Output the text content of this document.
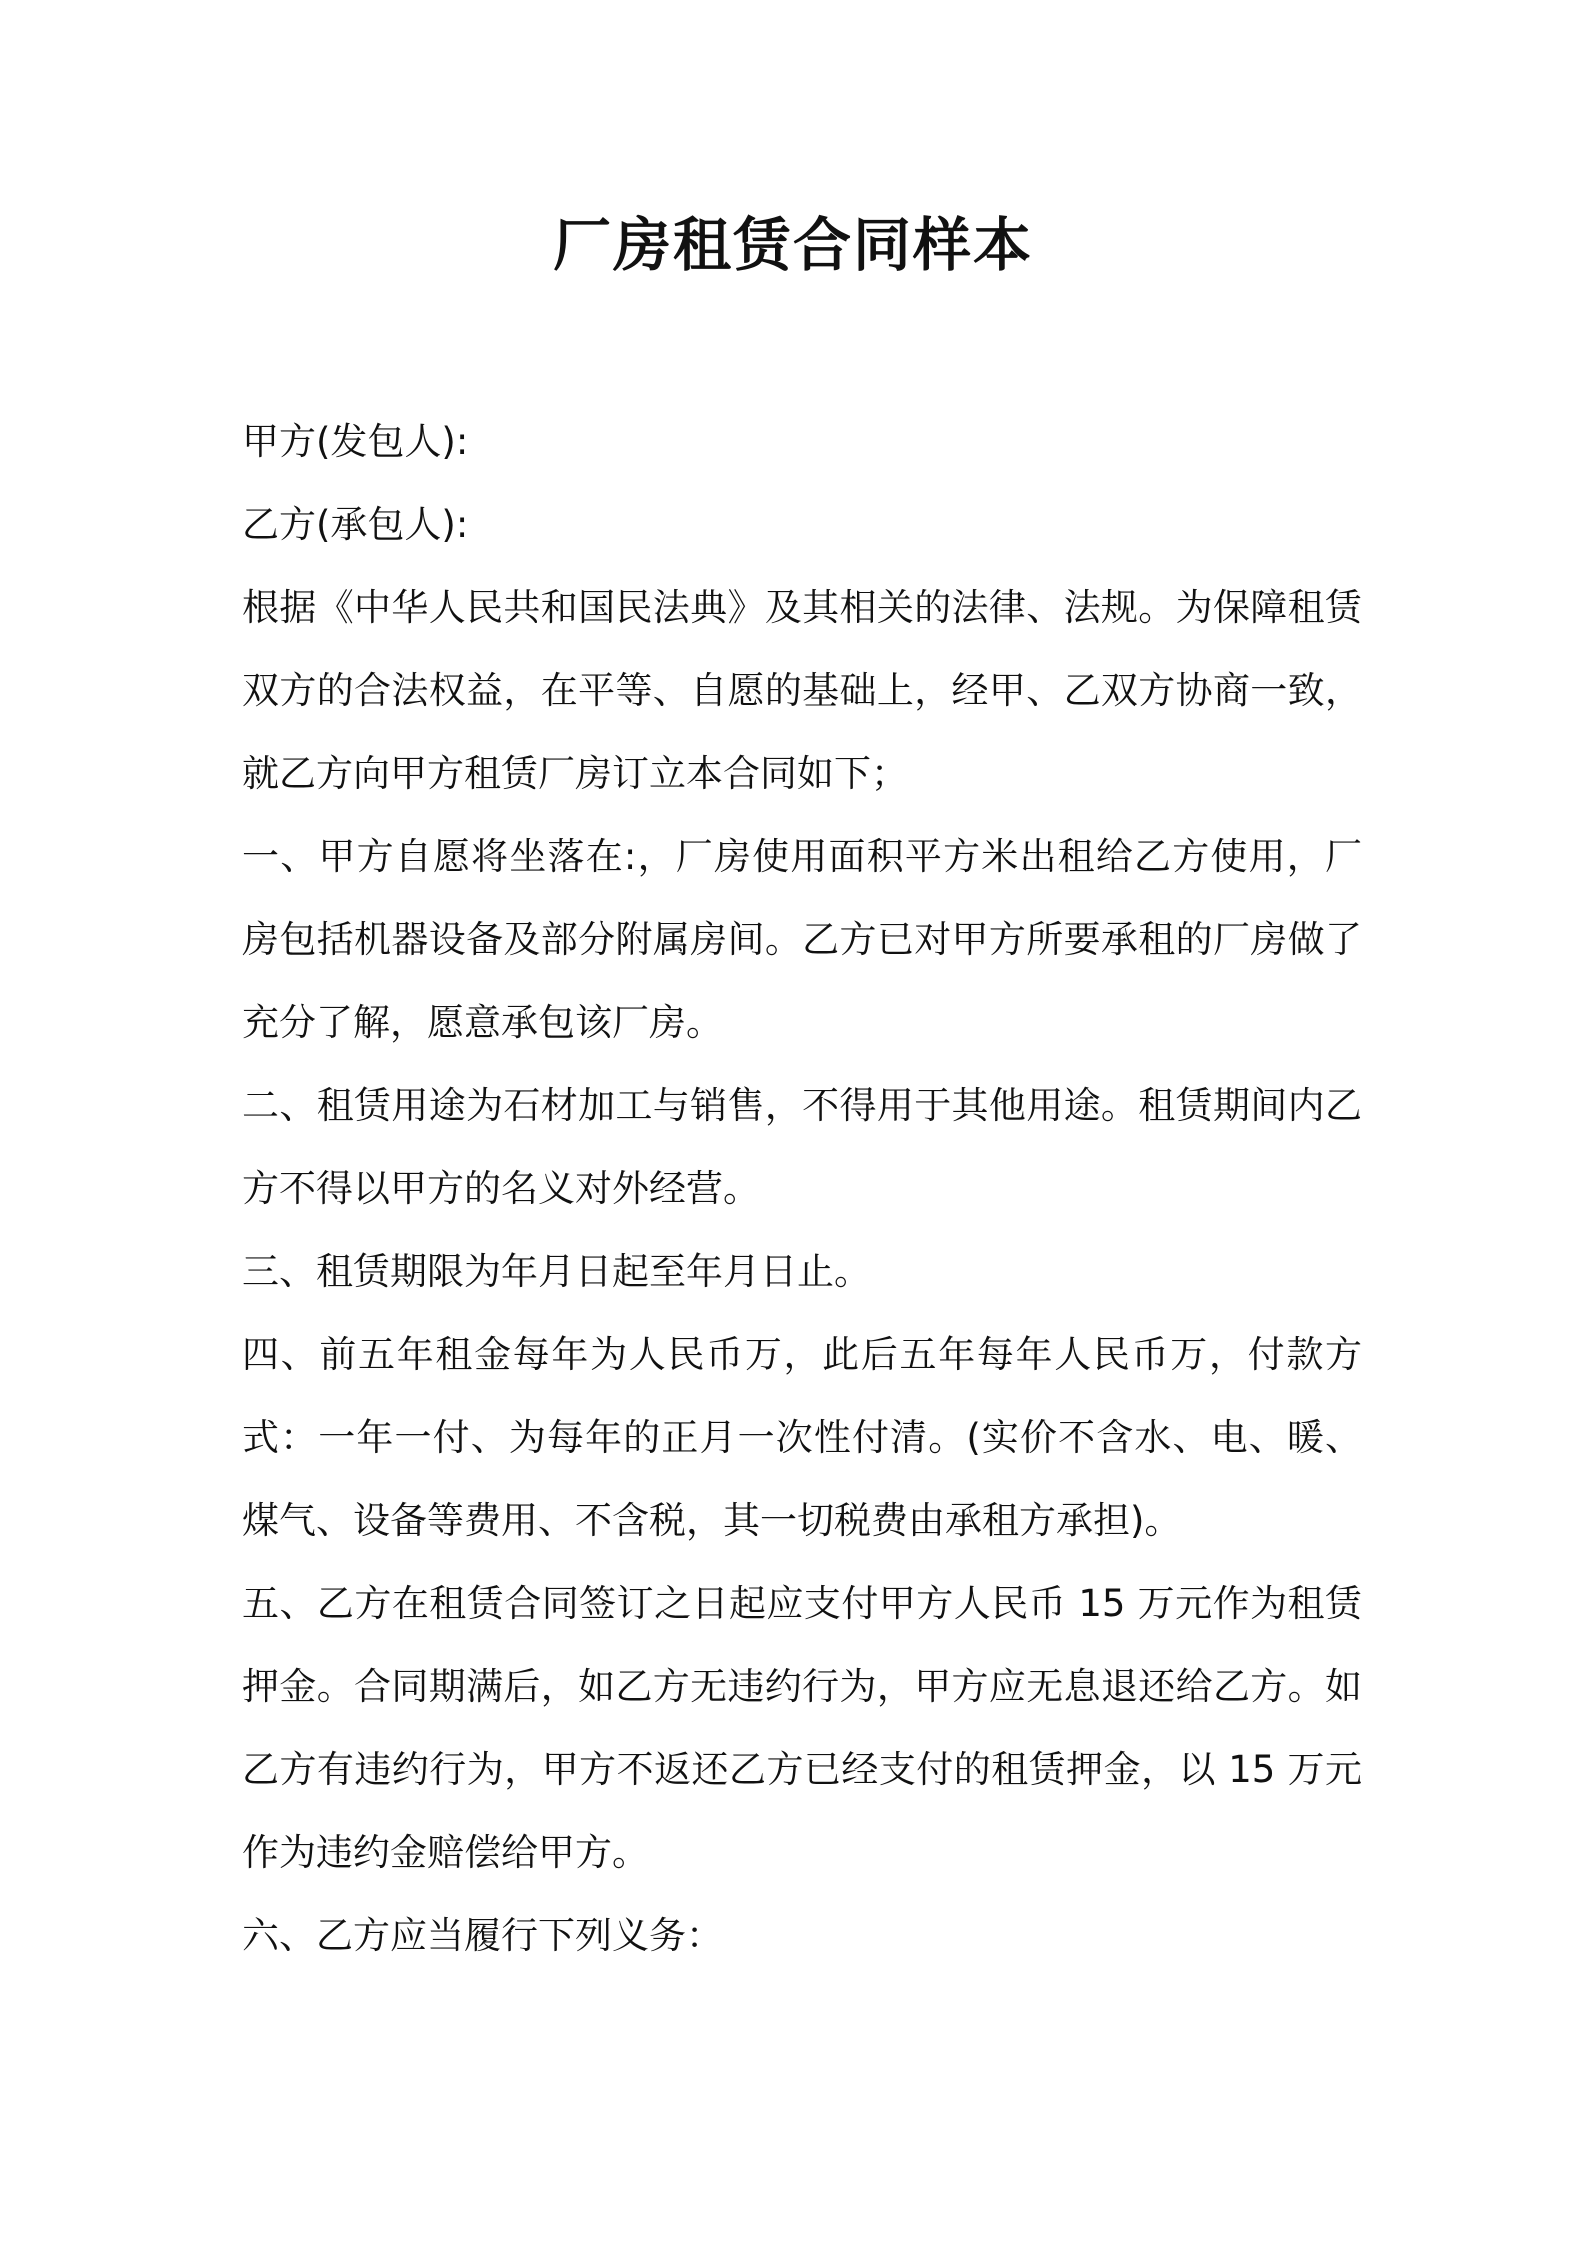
厂房租赁合同样本

甲方(发包人):

乙方(承包人):

根据《中华人民共和国民法典》及其相关的法律、法规。为保障租赁双方的合法权益，在平等、自愿的基础上，经甲、乙双方协商一致，就乙方向甲方租赁厂房订立本合同如下；

一、甲方自愿将坐落在:，厂房使用面积平方米出租给乙方使用，厂房包括机器设备及部分附属房间。乙方已对甲方所要承租的厂房做了充分了解，愿意承包该厂房。

二、租赁用途为石材加工与销售，不得用于其他用途。租赁期间内乙方不得以甲方的名义对外经营。

三、租赁期限为年月日起至年月日止。

四、前五年租金每年为人民币万，此后五年每年人民币万，付款方式：一年一付、为每年的正月一次性付清。(实价不含水、电、暖、煤气、设备等费用、不含税，其一切税费由承租方承担)。

五、乙方在租赁合同签订之日起应支付甲方人民币 15 万元作为租赁押金。合同期满后，如乙方无违约行为，甲方应无息退还给乙方。如乙方有违约行为，甲方不返还乙方已经支付的租赁押金，以 15 万元作为违约金赔偿给甲方。

六、乙方应当履行下列义务：
